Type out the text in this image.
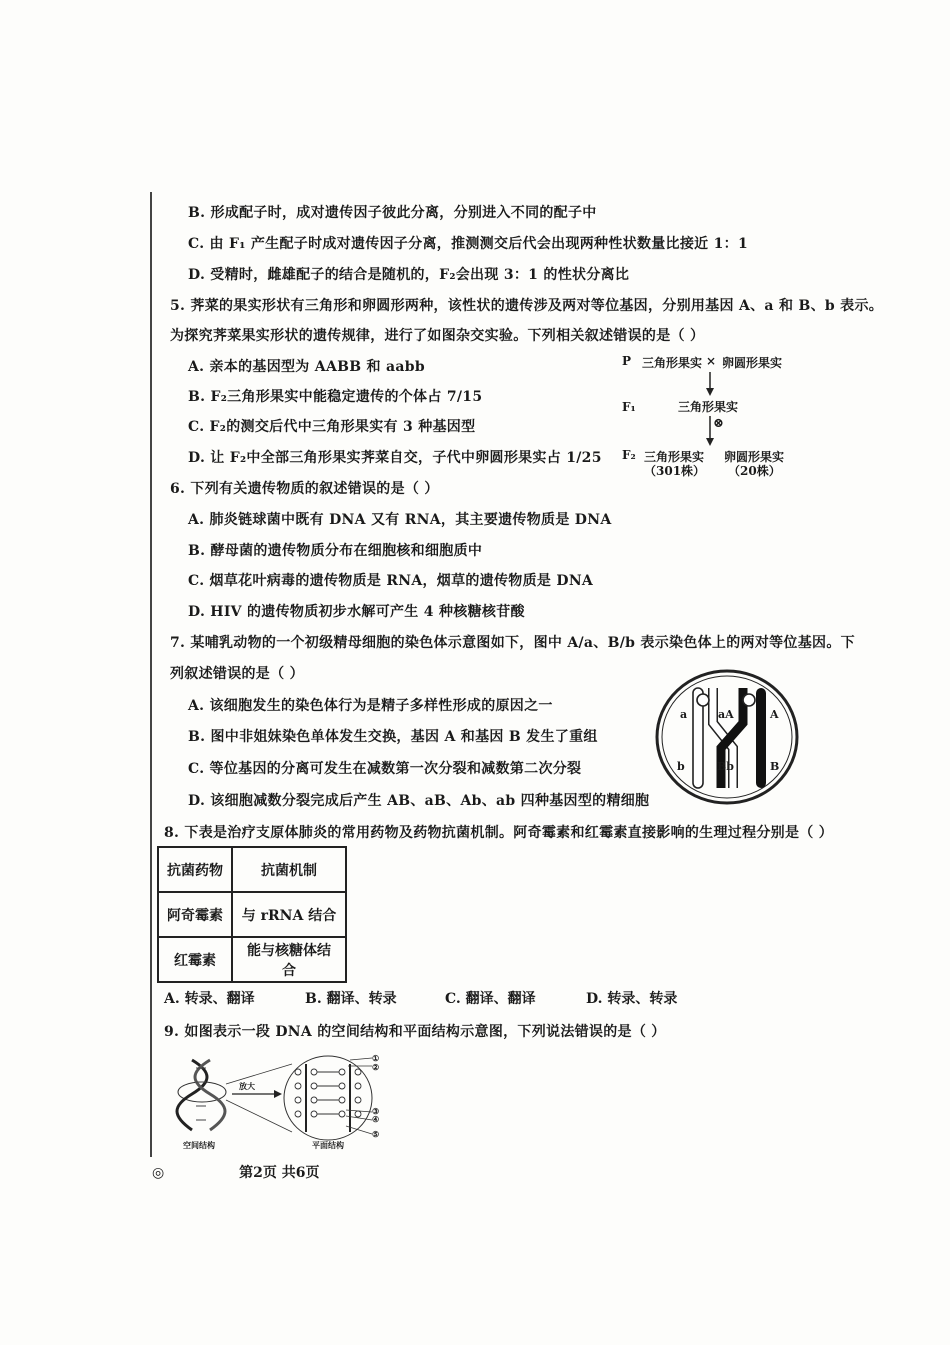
B. 形成配子时，成对遗传因子彼此分离，分别进入不同的配子中
C. 由 F₁ 产生配子时成对遗传因子分离，推测测交后代会出现两种性状数量比接近 1：1
D. 受精时，雌雄配子的结合是随机的，F₂会出现 3：1 的性状分离比
5. 荠菜的果实形状有三角形和卵圆形两种，该性状的遗传涉及两对等位基因，分别用基因 A、a 和 B、b 表示。
为探究荠菜果实形状的遗传规律，进行了如图杂交实验。下列相关叙述错误的是（ ）
A. 亲本的基因型为 AABB 和 aabb
B. F₂三角形果实中能稳定遗传的个体占 7/15
C. F₂的测交后代中三角形果实有 3 种基因型
D. 让 F₂中全部三角形果实荠菜自交，子代中卵圆形果实占 1/25
P 三角形果实 × 卵圆形果实
F₁	三角形果实
⊗
F₂ 三角形果实 卵圆形果实
（301株） （20株）
6. 下列有关遗传物质的叙述错误的是（ ）
A. 肺炎链球菌中既有 DNA 又有 RNA，其主要遗传物质是 DNA
B. 酵母菌的遗传物质分布在细胞核和细胞质中
C. 烟草花叶病毒的遗传物质是 RNA，烟草的遗传物质是 DNA
D. HIV 的遗传物质初步水解可产生 4 种核糖核苷酸
7. 某哺乳动物的一个初级精母细胞的染色体示意图如下，图中 A/a、B/b 表示染色体上的两对等位基因。下
列叙述错误的是（ ）
A. 该细胞发生的染色体行为是精子多样性形成的原因之一
B. 图中非姐妹染色单体发生交换，基因 A 和基因 B 发生了重组
C. 等位基因的分离可发生在减数第一次分裂和减数第二次分裂
D. 该细胞减数分裂完成后产生 AB、aB、Ab、ab 四种基因型的精细胞
a	aA	A
b	Bb	B
8. 下表是治疗支原体肺炎的常用药物及药物抗菌机制。阿奇霉素和红霉素直接影响的生理过程分别是（ ）
抗菌药物	抗菌机制
阿奇霉素	与 rRNA 结合
红霉素	能与核糖体结合
A. 转录、翻译	B. 翻译、转录	C. 翻译、翻译	D. 转录、转录
9. 如图表示一段 DNA 的空间结构和平面结构示意图，下列说法错误的是（ ）
放大
①
②
③
④
⑤
空间结构	平面结构
◎	第2页 共6页
